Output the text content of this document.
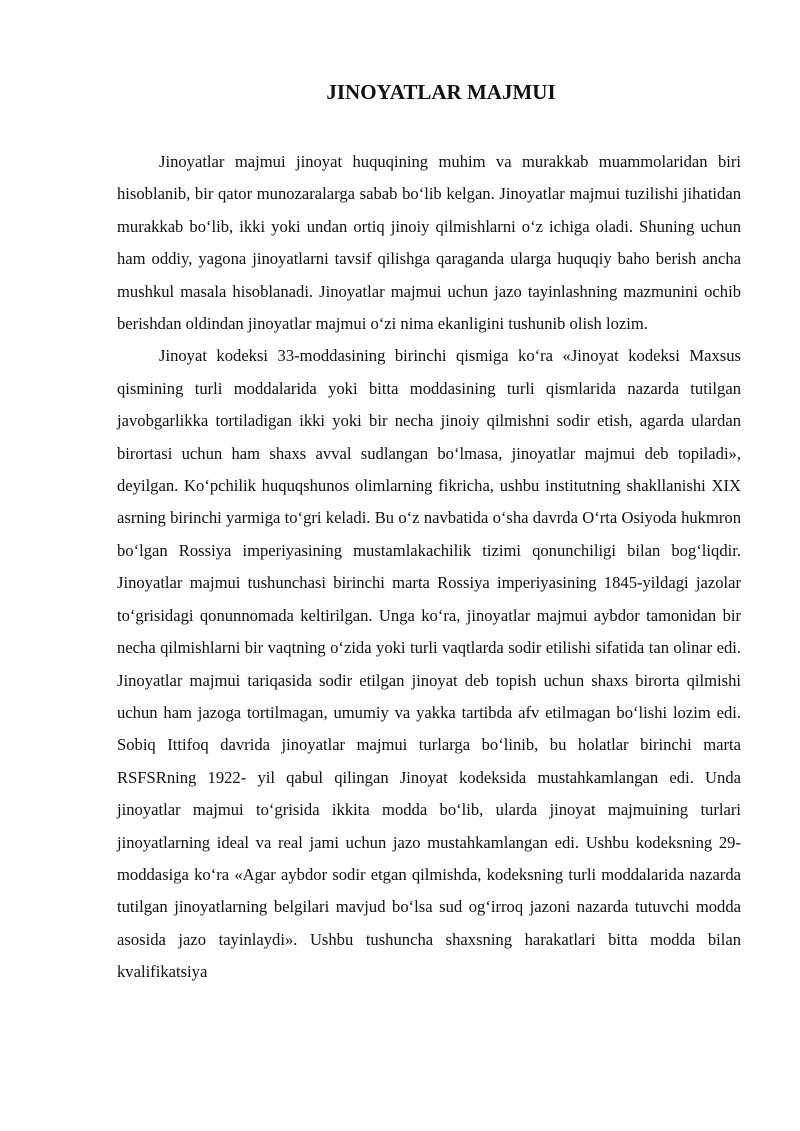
JINOYATLAR MAJMUI

Jinoyatlar majmui jinoyat huquqining muhim va murakkab muammolaridan biri hisoblanib, bir qator munozaralarga sabab bo‘lib kelgan. Jinoyatlar majmui tuzilishi jihatidan murakkab bo‘lib, ikki yoki undan ortiq jinoiy qilmishlarni o‘z ichiga oladi. Shuning uchun ham oddiy, yagona jinoyatlarni tavsif qilishga qaraganda ularga huquqiy baho berish ancha mushkul masala hisoblanadi. Jinoyatlar majmui uchun jazo tayinlashning mazmunini ochib berishdan oldindan jinoyatlar majmui o‘zi nima ekanligini tushunib olish lozim.

Jinoyat kodeksi 33-moddasining birinchi qismiga ko‘ra «Jinoyat kodeksi Maxsus qismining turli moddalarida yoki bitta moddasining turli qismlarida nazarda tutilgan javobgarlikka tortiladigan ikki yoki bir necha jinoiy qilmishni sodir etish, agarda ulardan birortasi uchun ham shaxs avval sudlangan bo‘lmasa, jinoyatlar majmui deb topiladi», deyilgan. Ko‘pchilik huquqshunos olimlarning fikricha, ushbu institutning shakllanishi XIX asrning birinchi yarmiga to‘gri keladi. Bu o‘z navbatida o‘sha davrda O‘rta Osiyoda hukmron bo‘lgan Rossiya imperiyasining mustamlakachilik tizimi qonunchiligi bilan bog‘liqdir. Jinoyatlar majmui tushunchasi birinchi marta Rossiya imperiyasining 1845-yildagi jazolar to‘grisidagi qonunnomada keltirilgan. Unga ko‘ra, jinoyatlar majmui aybdor tamonidan bir necha qilmishlarni bir vaqtning o‘zida yoki turli vaqtlarda sodir etilishi sifatida tan olinar edi. Jinoyatlar majmui tariqasida sodir etilgan jinoyat deb topish uchun shaxs birorta qilmishi uchun ham jazoga tortilmagan, umumiy va yakka tartibda afv etilmagan bo‘lishi lozim edi. Sobiq Ittifoq davrida jinoyatlar majmui turlarga bo‘linib, bu holatlar birinchi marta RSFSRning 1922- yil qabul qilingan Jinoyat kodeksida mustahkamlangan edi. Unda jinoyatlar majmui to‘grisida ikkita modda bo‘lib, ularda jinoyat majmuining turlari jinoyatlarning ideal va real jami uchun jazo mustahkamlangan edi. Ushbu kodeksning 29-moddasiga ko‘ra «Agar aybdor sodir etgan qilmishda, kodeksning turli moddalarida nazarda tutilgan jinoyatlarning belgilari mavjud bo‘lsa sud og‘irroq jazoni nazarda tutuvchi modda asosida jazo tayinlaydi». Ushbu tushuncha shaxsning harakatlari bitta modda bilan kvalifikatsiya
